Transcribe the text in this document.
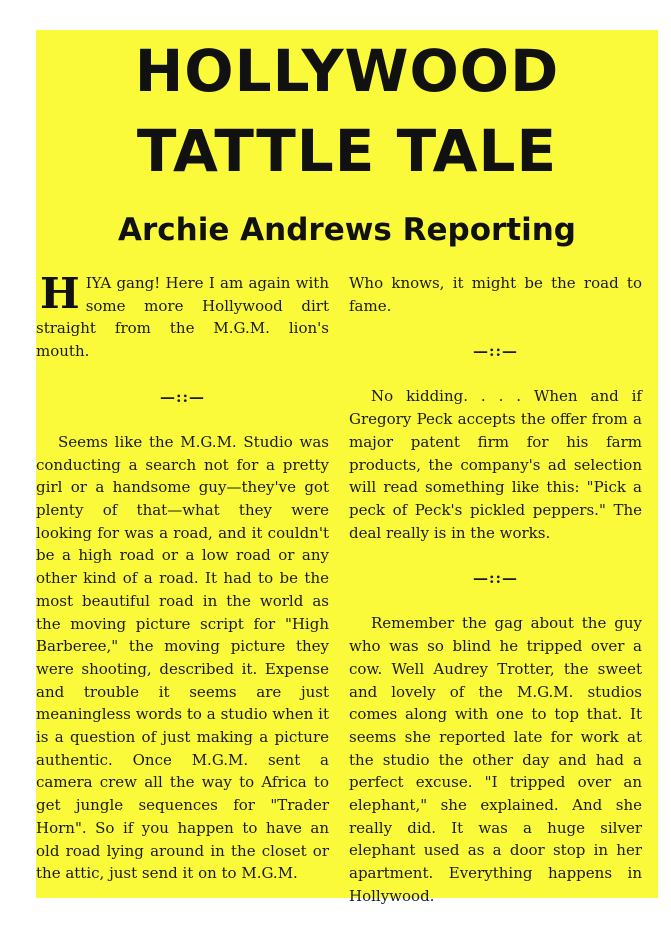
HOLLYWOOD
TATTLE TALE
Archie Andrews Reporting

HIYA gang! Here I am again with some more Hollywood dirt straight from the M.G.M. lion's mouth.

—::—

Seems like the M.G.M. Studio was conducting a search not for a pretty girl or a handsome guy—they've got plenty of that—what they were looking for was a road, and it couldn't be a high road or a low road or any other kind of a road. It had to be the most beautiful road in the world as the moving picture script for "High Barberee," the moving picture they were shooting, described it. Expense and trouble it seems are just meaningless words to a studio when it is a question of just making a picture authentic. Once M.G.M. sent a camera crew all the way to Africa to get jungle sequences for "Trader Horn". So if you happen to have an old road lying around in the closet or the attic, just send it on to M.G.M.

Who knows, it might be the road to fame.

—::—

No kidding. . . . When and if Gregory Peck accepts the offer from a major patent firm for his farm products, the company's ad selection will read something like this: "Pick a peck of Peck's pickled peppers." The deal really is in the works.

—::—

Remember the gag about the guy who was so blind he tripped over a cow. Well Audrey Trotter, the sweet and lovely of the M.G.M. studios comes along with one to top that. It seems she reported late for work at the studio the other day and had a perfect excuse. "I tripped over an elephant," she explained. And she really did. It was a huge silver elephant used as a door stop in her apartment. Everything happens in Hollywood.
